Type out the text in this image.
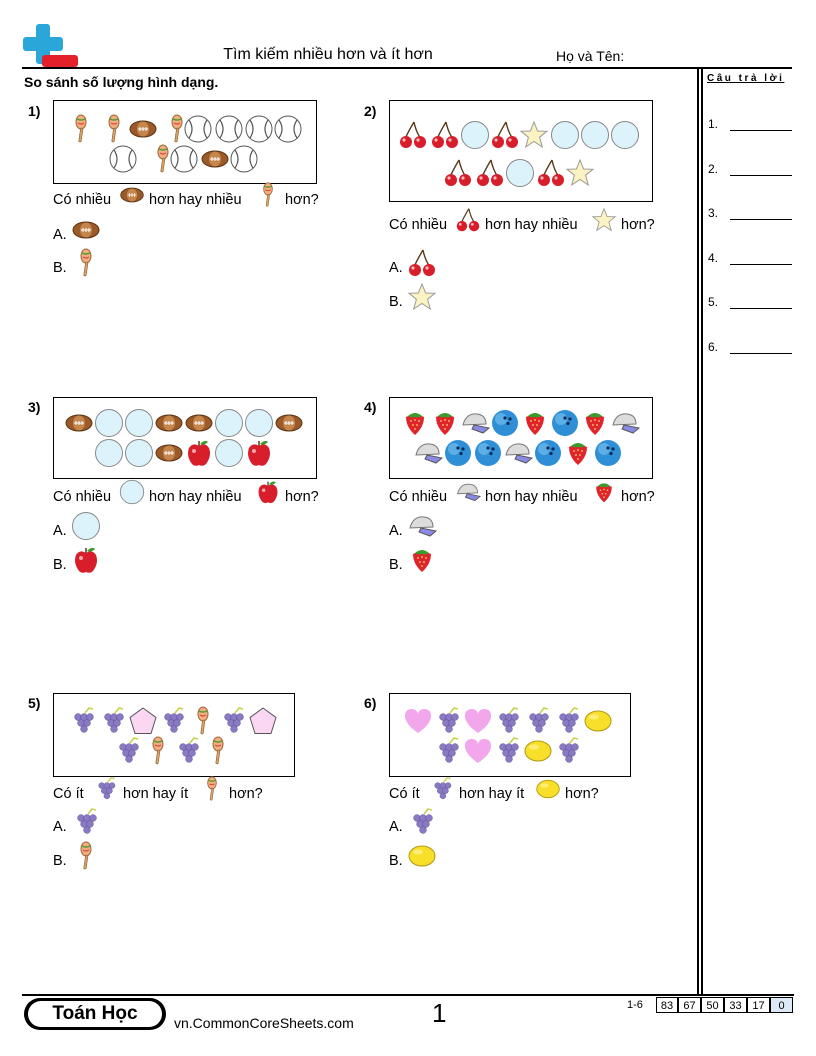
Tìm kiếm nhiều hơn và ít hơn	Họ và Tên:
So sánh số lượng hình dạng.	Câu trả lời
1.
2.
3.
4.
5.
6.
1)
Có nhiều	hơn hay nhiều	hơn?
A.
B.
2)
Có nhiều	hơn hay nhiều	hơn?
A.
B.
3)
Có nhiều	hơn hay nhiều	hơn?
A.
B.
4)
Có nhiều	hơn hay nhiều	hơn?
A.
B.
5)
Có ít	hơn hay ít	hơn?
A.
B.
6)
Có ít	hơn hay ít	hơn?
A.
B.
Toán Học	vn.CommonCoreSheets.com	1	1-6	83 67 50 33 17	0
